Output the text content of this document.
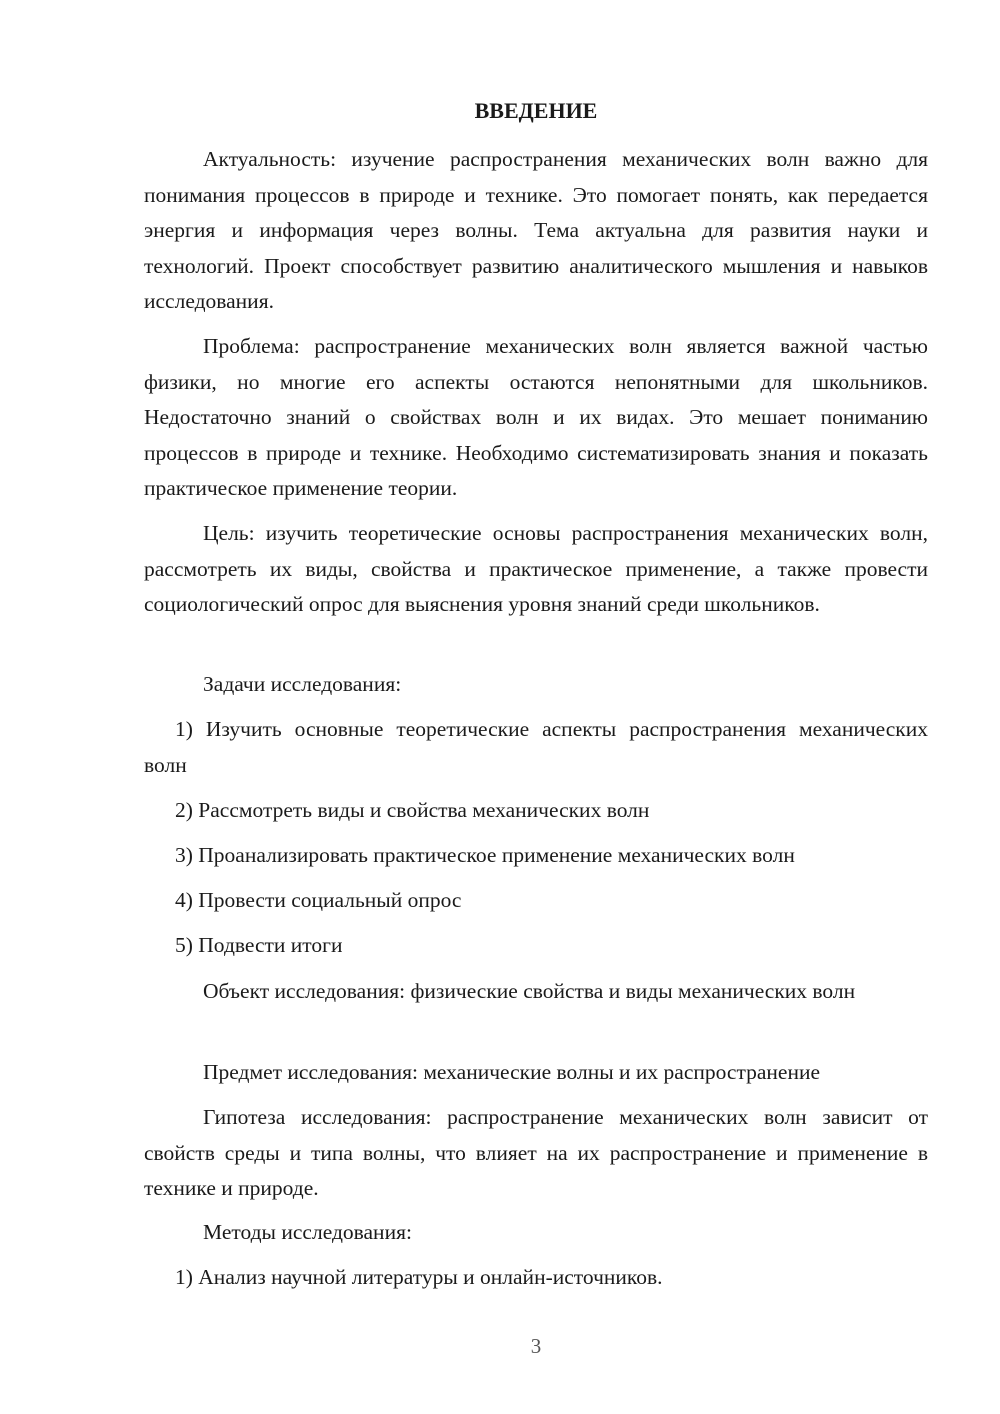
ВВЕДЕНИЕ

Актуальность: изучение распространения механических волн важно для понимания процессов в природе и технике. Это помогает понять, как передается энергия и информация через волны. Тема актуальна для развития науки и технологий. Проект способствует развитию аналитического мышления и навыков исследования.

Проблема: распространение механических волн является важной частью физики, но многие его аспекты остаются непонятными для школьников. Недостаточно знаний о свойствах волн и их видах. Это мешает пониманию процессов в природе и технике. Необходимо систематизировать знания и показать практическое применение теории.

Цель: изучить теоретические основы распространения механических волн, рассмотреть их виды, свойства и практическое применение, а также провести социологический опрос для выяснения уровня знаний среди школьников.

Задачи исследования:

1) Изучить основные теоретические аспекты распространения механических волн

2) Рассмотреть виды и свойства механических волн
3) Проанализировать практическое применение механических волн
4) Провести социальный опрос
5) Подвести итоги

Объект исследования: физические свойства и виды механических волн

Предмет исследования: механические волны и их распространение

Гипотеза исследования: распространение механических волн зависит от свойств среды и типа волны, что влияет на их распространение и применение в технике и природе.

Методы исследования:
1) Анализ научной литературы и онлайн-источников.
3
